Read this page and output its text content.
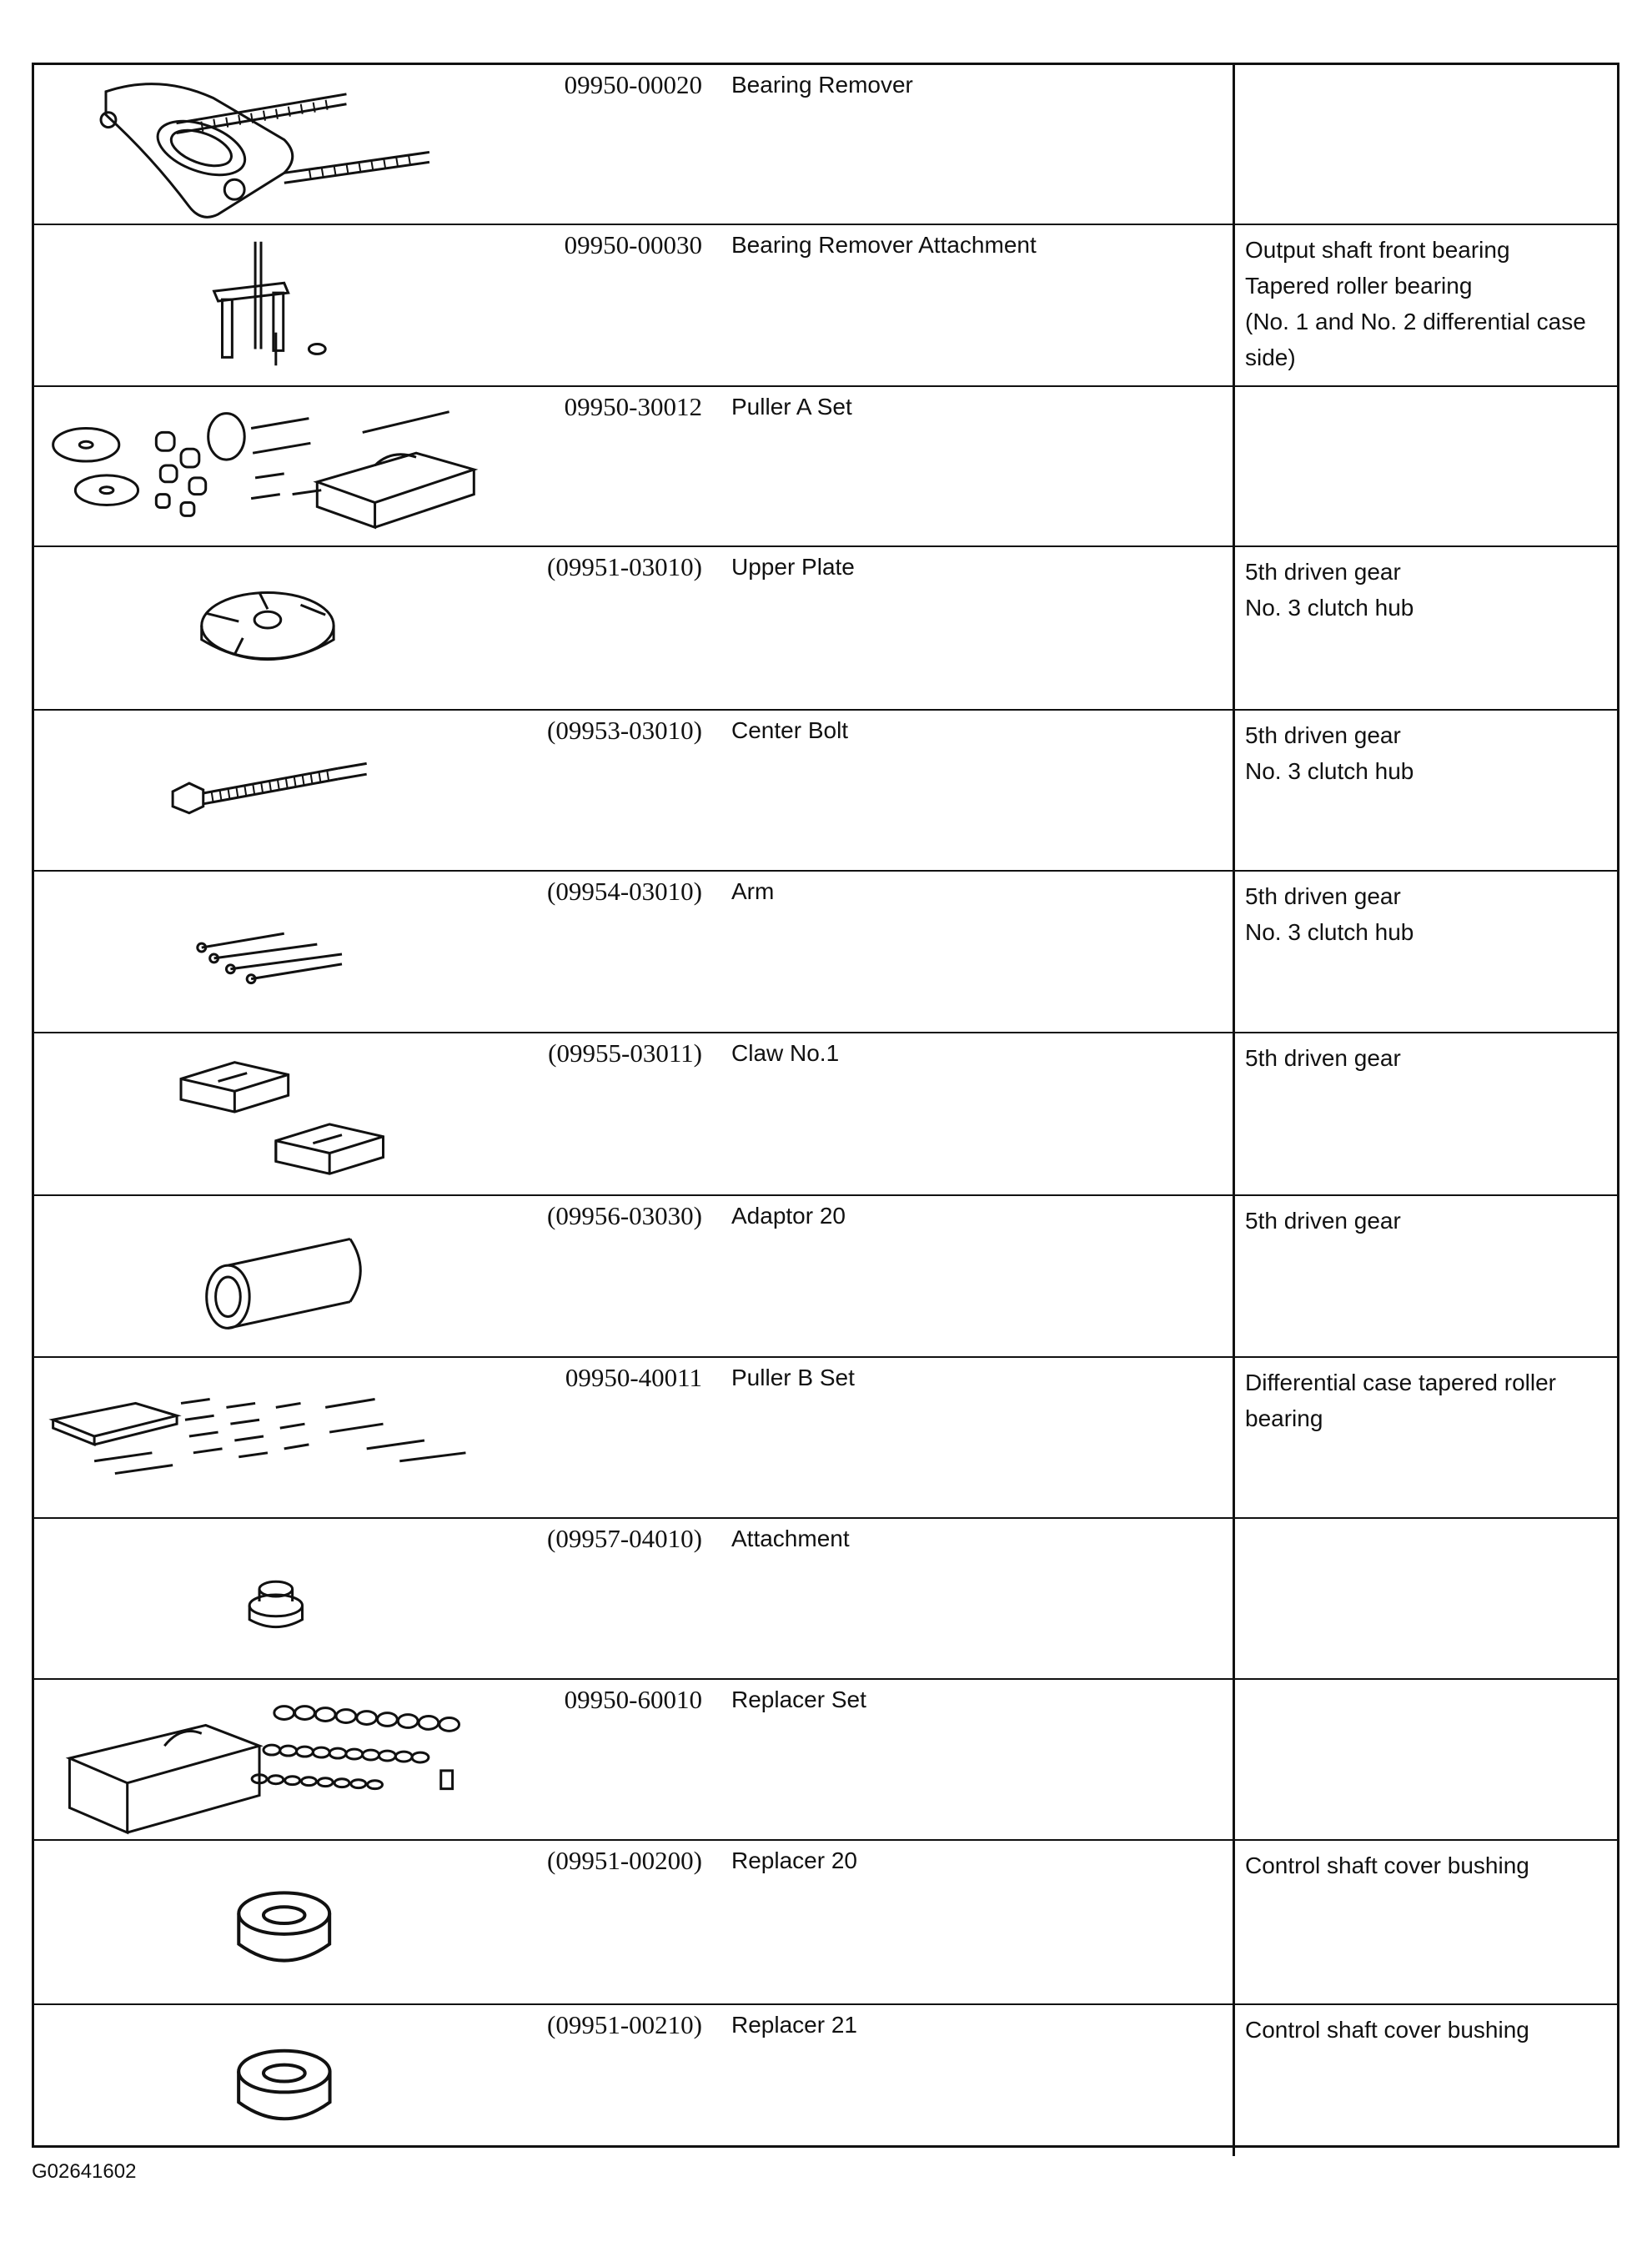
	09950-00020	Bearing Remover	

	09950-00030	Bearing Remover Attachment	Output shaft front bearing
Tapered roller bearing
(No. 1 and No. 2 differential case side)

	09950-30012	Puller A Set	

	(09951-03010)	Upper Plate	5th driven gear
No. 3 clutch hub

	(09953-03010)	Center Bolt	5th driven gear
No. 3 clutch hub

	(09954-03010)	Arm	5th driven gear
No. 3 clutch hub

	(09955-03011)	Claw No.1	5th driven gear

	(09956-03030)	Adaptor 20	5th driven gear

	09950-40011	Puller B Set	Differential case tapered roller bearing

	(09957-04010)	Attachment	

	09950-60010	Replacer Set	

	(09951-00200)	Replacer 20	Control shaft cover bushing

	(09951-00210)	Replacer 21	Control shaft cover bushing
G02641602
